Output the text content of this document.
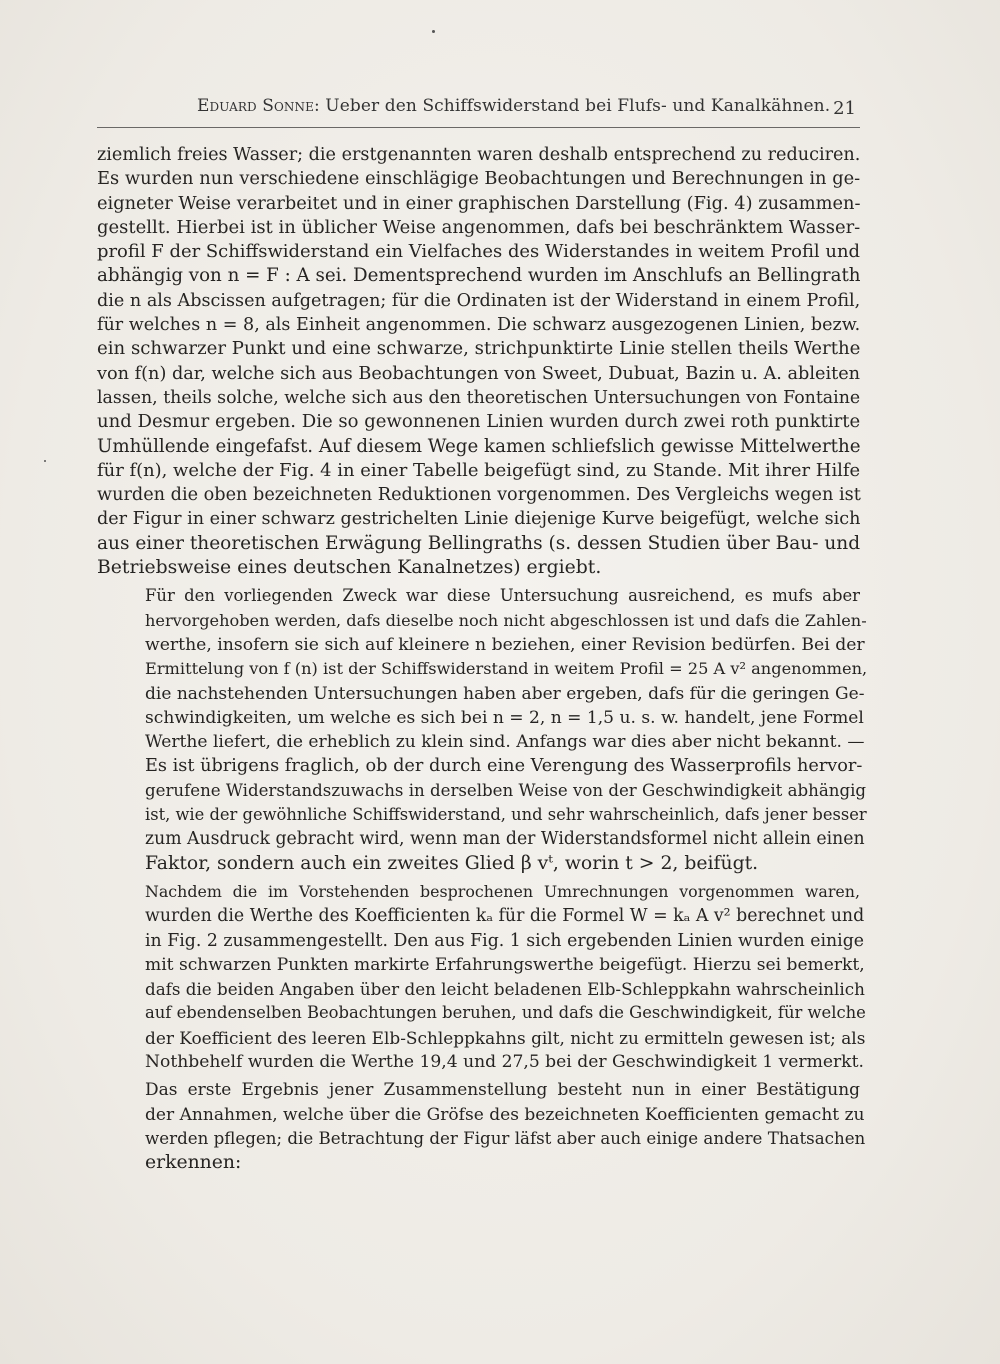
Eduard Sonne: Ueber den Schiffswiderstand bei Flufs- und Kanalkähnen. 21

ziemlich freies Wasser; die erstgenannten waren deshalb entsprechend zu reduciren.
Es wurden nun verschiedene einschlägige Beobachtungen und Berechnungen in ge-
eigneter Weise verarbeitet und in einer graphischen Darstellung (Fig. 4) zusammen-
gestellt. Hierbei ist in üblicher Weise angenommen, dafs bei beschränktem Wasser-
profil F der Schiffswiderstand ein Vielfaches des Widerstandes in weitem Profil und
abhängig von n = F : A sei. Dementsprechend wurden im Anschlufs an Bellingrath
die n als Abscissen aufgetragen; für die Ordinaten ist der Widerstand in einem Profil,
für welches n = 8, als Einheit angenommen. Die schwarz ausgezogenen Linien, bezw.
ein schwarzer Punkt und eine schwarze, strichpunktirte Linie stellen theils Werthe
von f(n) dar, welche sich aus Beobachtungen von Sweet, Dubuat, Bazin u. A. ableiten
lassen, theils solche, welche sich aus den theoretischen Untersuchungen von Fontaine
und Desmur ergeben. Die so gewonnenen Linien wurden durch zwei roth punktirte
Umhüllende eingefafst. Auf diesem Wege kamen schliefslich gewisse Mittelwerthe
für f(n), welche der Fig. 4 in einer Tabelle beigefügt sind, zu Stande. Mit ihrer Hilfe
wurden die oben bezeichneten Reduktionen vorgenommen. Des Vergleichs wegen ist
der Figur in einer schwarz gestrichelten Linie diejenige Kurve beigefügt, welche sich
aus einer theoretischen Erwägung Bellingraths (s. dessen Studien über Bau- und
Betriebsweise eines deutschen Kanalnetzes) ergiebt.

Für den vorliegenden Zweck war diese Untersuchung ausreichend, es mufs aber
hervorgehoben werden, dafs dieselbe noch nicht abgeschlossen ist und dafs die Zahlen-
werthe, insofern sie sich auf kleinere n beziehen, einer Revision bedürfen. Bei der
Ermittelung von f (n) ist der Schiffswiderstand in weitem Profil = 25 A v² angenommen,
die nachstehenden Untersuchungen haben aber ergeben, dafs für die geringen Ge-
schwindigkeiten, um welche es sich bei n = 2, n = 1,5 u. s. w. handelt, jene Formel
Werthe liefert, die erheblich zu klein sind. Anfangs war dies aber nicht bekannt. —
Es ist übrigens fraglich, ob der durch eine Verengung des Wasserprofils hervor-
gerufene Widerstandszuwachs in derselben Weise von der Geschwindigkeit abhängig
ist, wie der gewöhnliche Schiffswiderstand, und sehr wahrscheinlich, dafs jener besser
zum Ausdruck gebracht wird, wenn man der Widerstandsformel nicht allein einen
Faktor, sondern auch ein zweites Glied β vᵗ, worin t > 2, beifügt.

Nachdem die im Vorstehenden besprochenen Umrechnungen vorgenommen waren,
wurden die Werthe des Koefficienten kₐ für die Formel W = kₐ A v² berechnet und
in Fig. 2 zusammengestellt. Den aus Fig. 1 sich ergebenden Linien wurden einige
mit schwarzen Punkten markirte Erfahrungswerthe beigefügt. Hierzu sei bemerkt,
dafs die beiden Angaben über den leicht beladenen Elb-Schleppkahn wahrscheinlich
auf ebendenselben Beobachtungen beruhen, und dafs die Geschwindigkeit, für welche
der Koefficient des leeren Elb-Schleppkahns gilt, nicht zu ermitteln gewesen ist; als
Nothbehelf wurden die Werthe 19,4 und 27,5 bei der Geschwindigkeit 1 vermerkt.

Das erste Ergebnis jener Zusammenstellung besteht nun in einer Bestätigung
der Annahmen, welche über die Gröfse des bezeichneten Koefficienten gemacht zu
werden pflegen; die Betrachtung der Figur läfst aber auch einige andere Thatsachen
erkennen:
